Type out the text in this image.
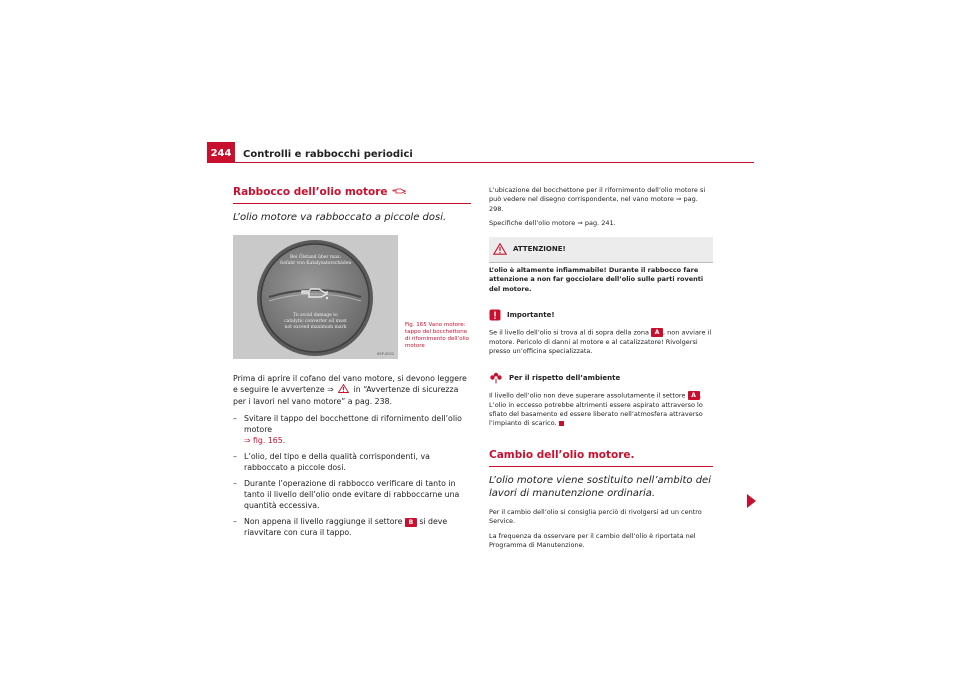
244	Controlli e rabbocchi periodici
Rabbocco dell’olio motore
L’olio motore va rabboccato a piccole dosi.
Bei Ölstand über max:
Gefahr von Katalysatorschäden
To avoid damage to
catalytic converter oil must
not exceed maximum mark
B5P-0032
Fig. 165 Vano motore: tappo del bocchettone di rifornimento dell’olio motore
Prima di aprire il cofano del vano motore, si devono leggere e seguire le avvertenze ⇒	in “Avvertenze di sicurezza per i lavori nel vano motore” a pag. 238.
– Svitare il tappo del bocchettone di rifornimento dell’olio motore
⇒ fig. 165.
– L’olio, del tipo e della qualità corrispondenti, va rabboccato a piccole dosi.
– Durante l’operazione di rabbocco verificare di tanto in tanto il livello dell’olio onde evitare di rabboccarne una quantità eccessiva.
– Non appena il livello raggiunge il settore B si deve riavvitare con cura il tappo.

L’ubicazione del bocchettone per il rifornimento dell’olio motore si può vedere nel disegno corrispondente, nel vano motore ⇒ pag. 298.

Specifiche dell’olio motore ⇒ pag. 241.

ATTENZIONE!
L’olio è altamente infiammabile! Durante il rabbocco fare attenzione a non far gocciolare dell’olio sulle parti roventi del motore.
Importante!
Se il livello dell’olio si trova al di sopra della zona A , non avviare il motore. Pericolo di danni al motore e al catalizzatore! Rivolgersi presso un’officina specializzata.
Per il rispetto dell’ambiente
Il livello dell’olio non deve superare assolutamente il settore A . L’olio in eccesso potrebbe altrimenti essere aspirato attraverso lo sfiato del basamento ed essere liberato nell’atmosfera attraverso l’impianto di scarico.
Cambio dell’olio motore.
L’olio motore viene sostituito nell’ambito dei lavori di manutenzione ordinaria.

Per il cambio dell’olio si consiglia perciò di rivolgersi ad un centro Service.

La frequenza da osservare per il cambio dell’olio è riportata nel Programma di Manutenzione.
